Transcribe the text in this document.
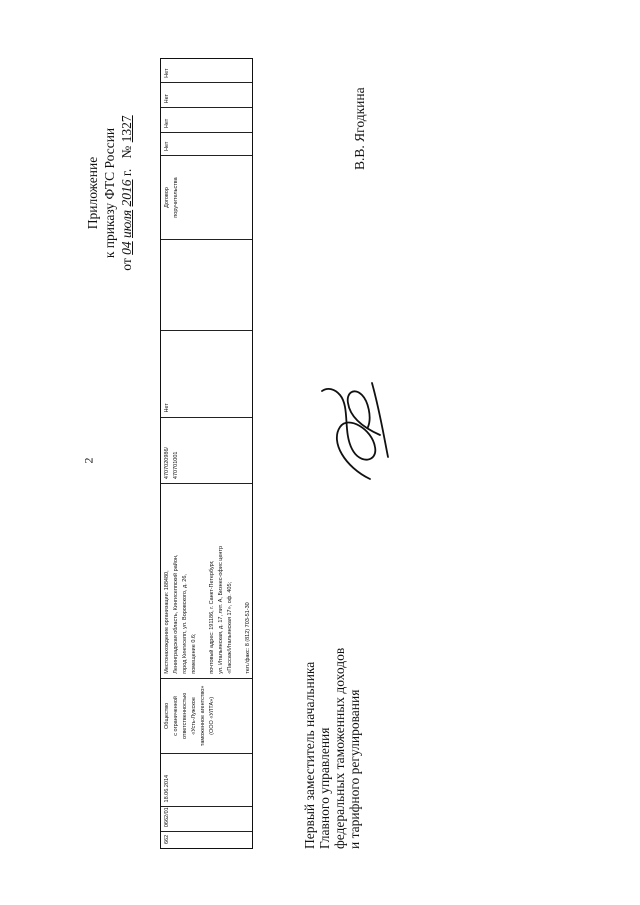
2
Приложение к приказу ФТС России
от 04 июля 2016 г.   № 1327
662
0662/01
18.06.2014

Общество с ограниченной ответственностью «Усть-Лужское таможенное агентство» (ООО «УЛТА»)

Местонахождение организации: 188480, Ленинградская область, Кингисеппский район, город Кингисепп, ул. Воровского, д. 26, помещение 0.6;

почтовый адрес: 191186, г. Санкт-Петербург, ул. Итальянская, д. 17, лит. А, Бизнес-офис центр «Пассаж/Итальянская 17», оф. 405;

тел./факс: 8 (812) 703-51-30

4707020986/ 470701001

Нет

Договор поручительства

Нет
Нет
Нет
Нет
Первый заместитель начальника Главного управления федеральных таможенных доходов и тарифного регулирования
В.В. Ягодкина
